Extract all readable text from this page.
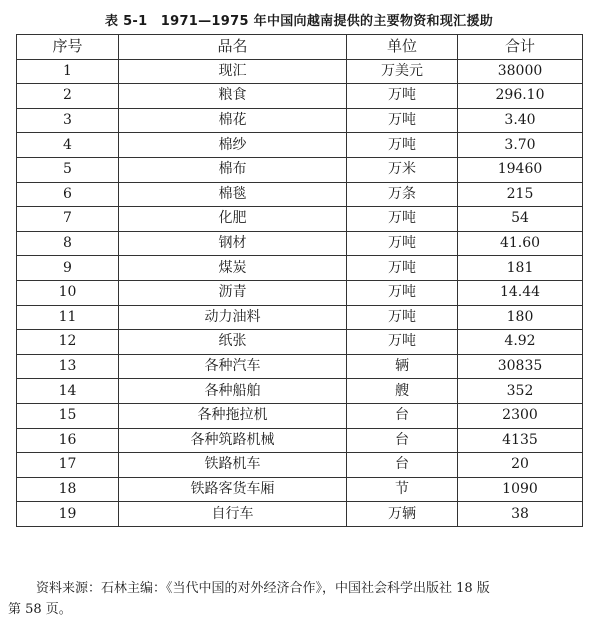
表 5-1　1971—1975 年中国向越南提供的主要物资和现汇援助
序号	品名	单位	合计
1	现汇	万美元	38000
2	粮食	万吨	296.10
3	棉花	万吨	3.40
4	棉纱	万吨	3.70
5	棉布	万米	19460
6	棉毯	万条	215
7	化肥	万吨	54
8	钢材	万吨	41.60
9	煤炭	万吨	181
10	沥青	万吨	14.44
11	动力油料	万吨	180
12	纸张	万吨	4.92
13	各种汽车	辆	30835
14	各种船舶	艘	352
15	各种拖拉机	台	2300
16	各种筑路机械	台	4135
17	铁路机车	台	20
18	铁路客货车厢	节	1090
19	自行车	万辆	38
资料来源：石林主编：《当代中国的对外经济合作》，中国社会科学出版社 18 版
第 58 页。
